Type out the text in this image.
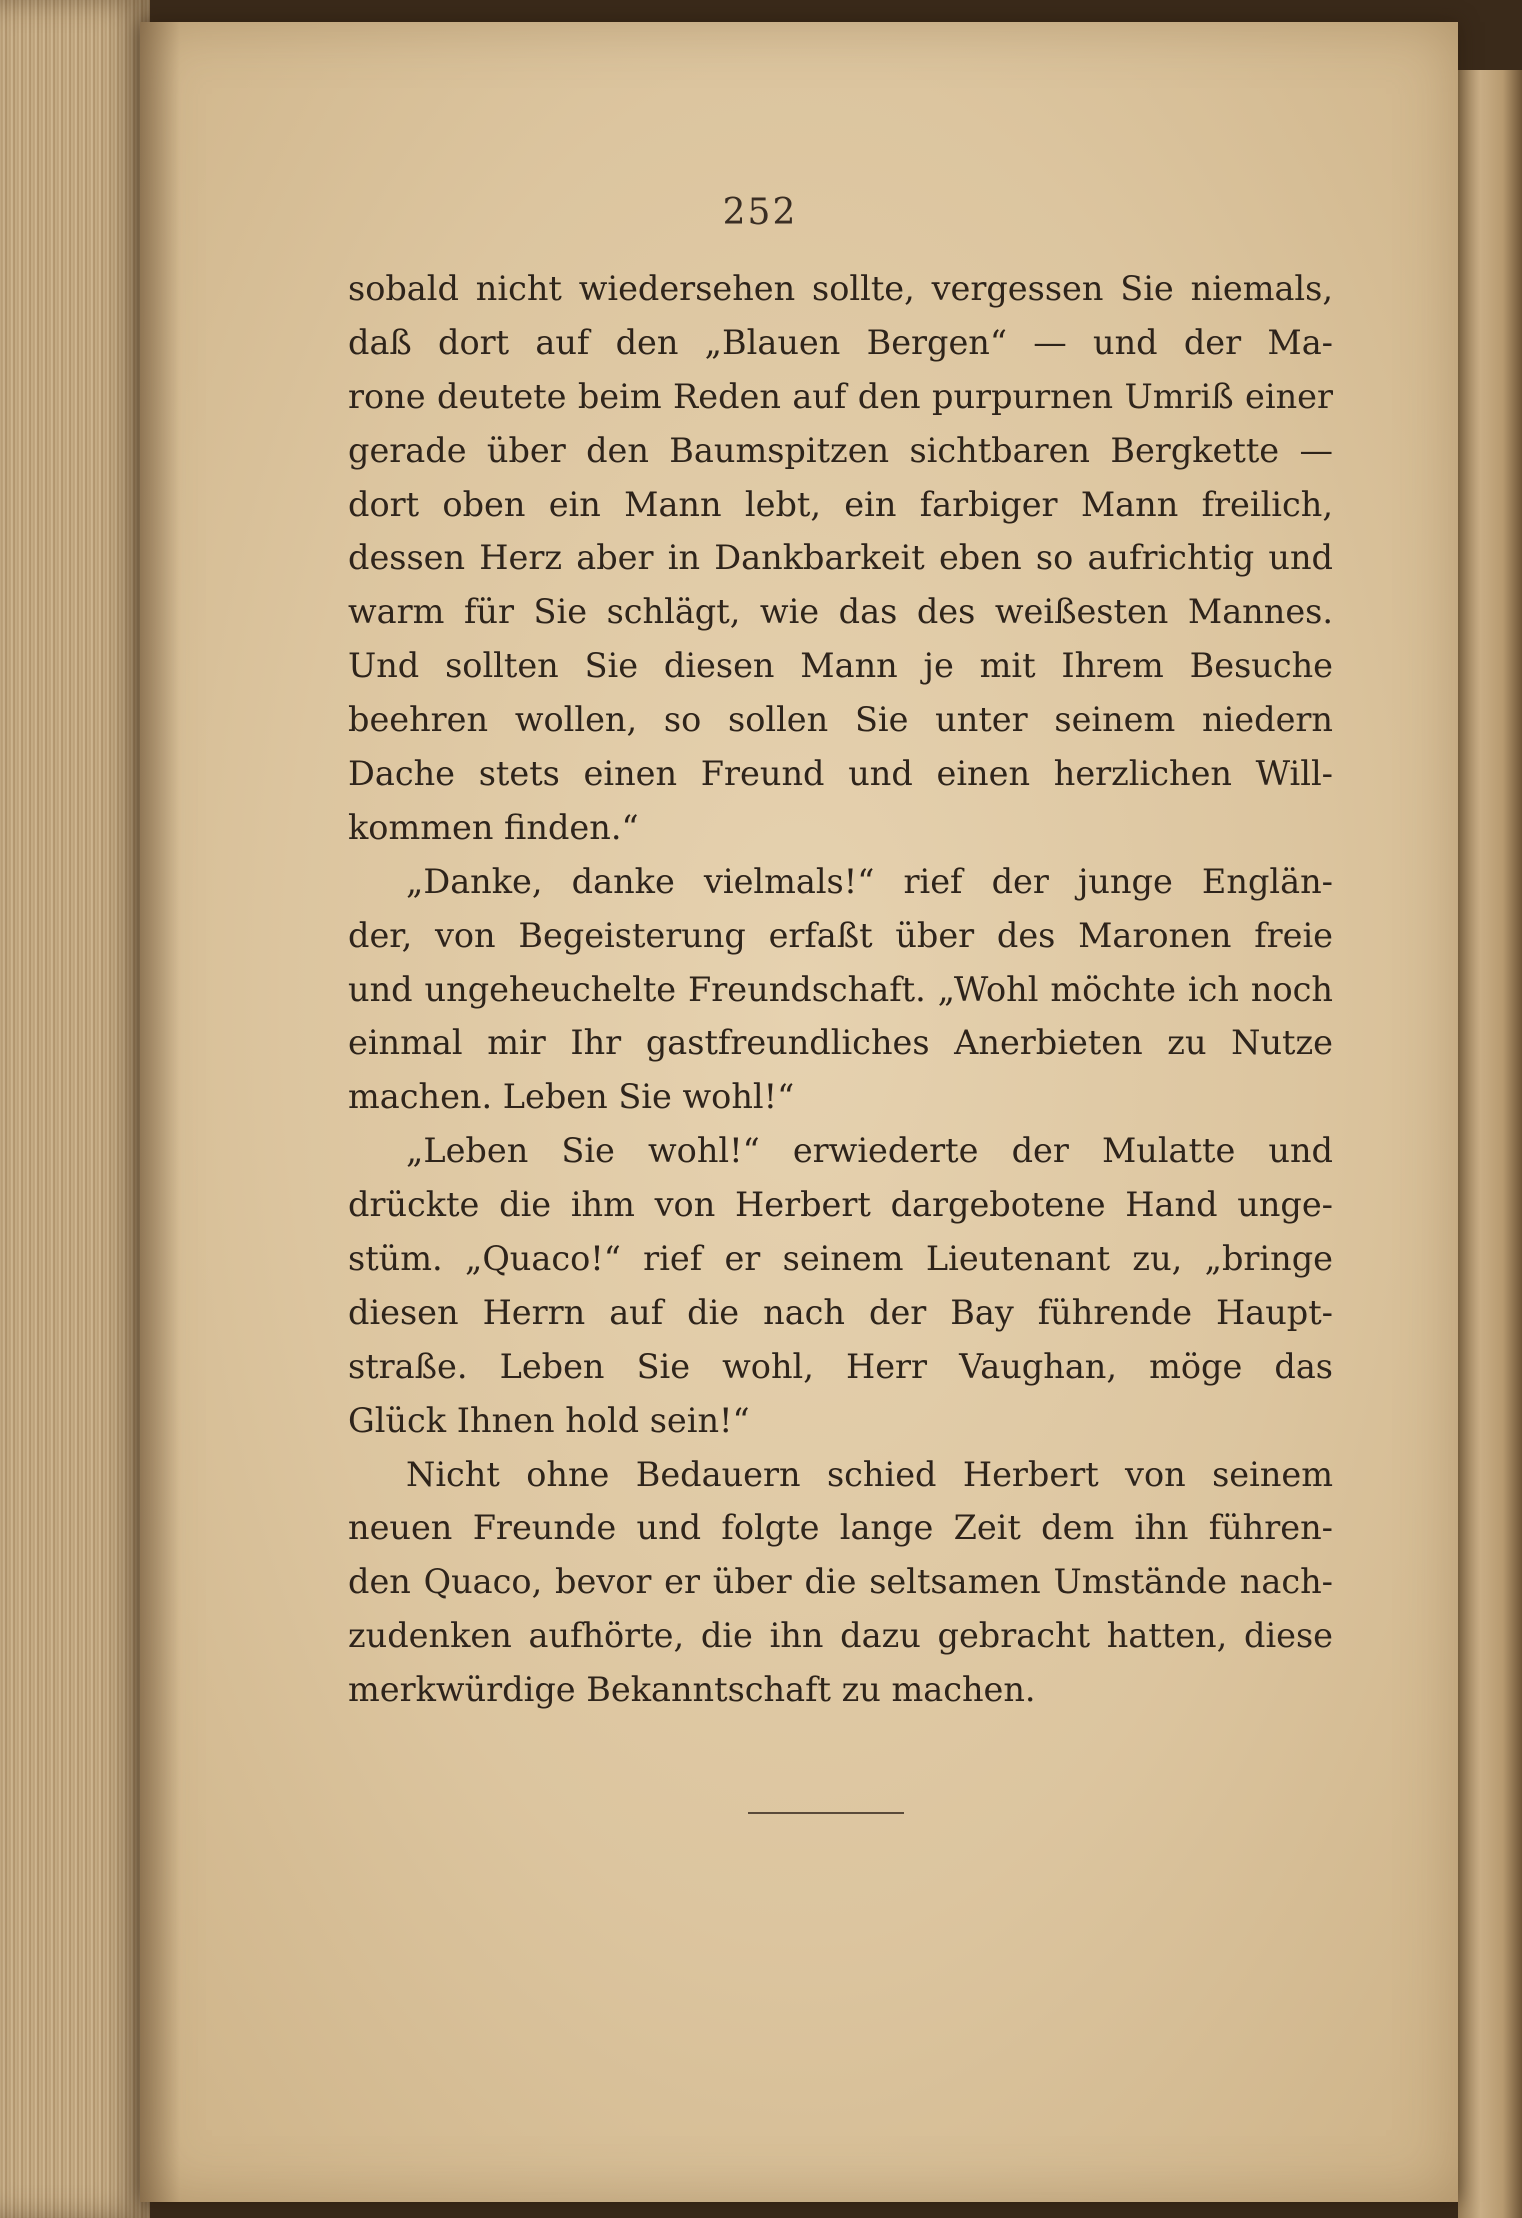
252
sobald nicht wiedersehen sollte, vergessen Sie niemals,
daß dort auf den „Blauen Bergen“ — und der Ma-
rone deutete beim Reden auf den purpurnen Umriß einer
gerade über den Baumspitzen sichtbaren Bergkette —
dort oben ein Mann lebt, ein farbiger Mann freilich,
dessen Herz aber in Dankbarkeit eben so aufrichtig und
warm für Sie schlägt, wie das des weißesten Mannes.
Und sollten Sie diesen Mann je mit Ihrem Besuche
beehren wollen, so sollen Sie unter seinem niedern
Dache stets einen Freund und einen herzlichen Will-
kommen finden.“
„Danke, danke vielmals!“ rief der junge Englän-
der, von Begeisterung erfaßt über des Maronen freie
und ungeheuchelte Freundschaft. „Wohl möchte ich noch
einmal mir Ihr gastfreundliches Anerbieten zu Nutze
machen. Leben Sie wohl!“
„Leben Sie wohl!“ erwiederte der Mulatte und
drückte die ihm von Herbert dargebotene Hand unge-
stüm. „Quaco!“ rief er seinem Lieutenant zu, „bringe
diesen Herrn auf die nach der Bay führende Haupt-
straße. Leben Sie wohl, Herr Vaughan, möge das
Glück Ihnen hold sein!“
Nicht ohne Bedauern schied Herbert von seinem
neuen Freunde und folgte lange Zeit dem ihn führen-
den Quaco, bevor er über die seltsamen Umstände nach-
zudenken aufhörte, die ihn dazu gebracht hatten, diese
merkwürdige Bekanntschaft zu machen.
